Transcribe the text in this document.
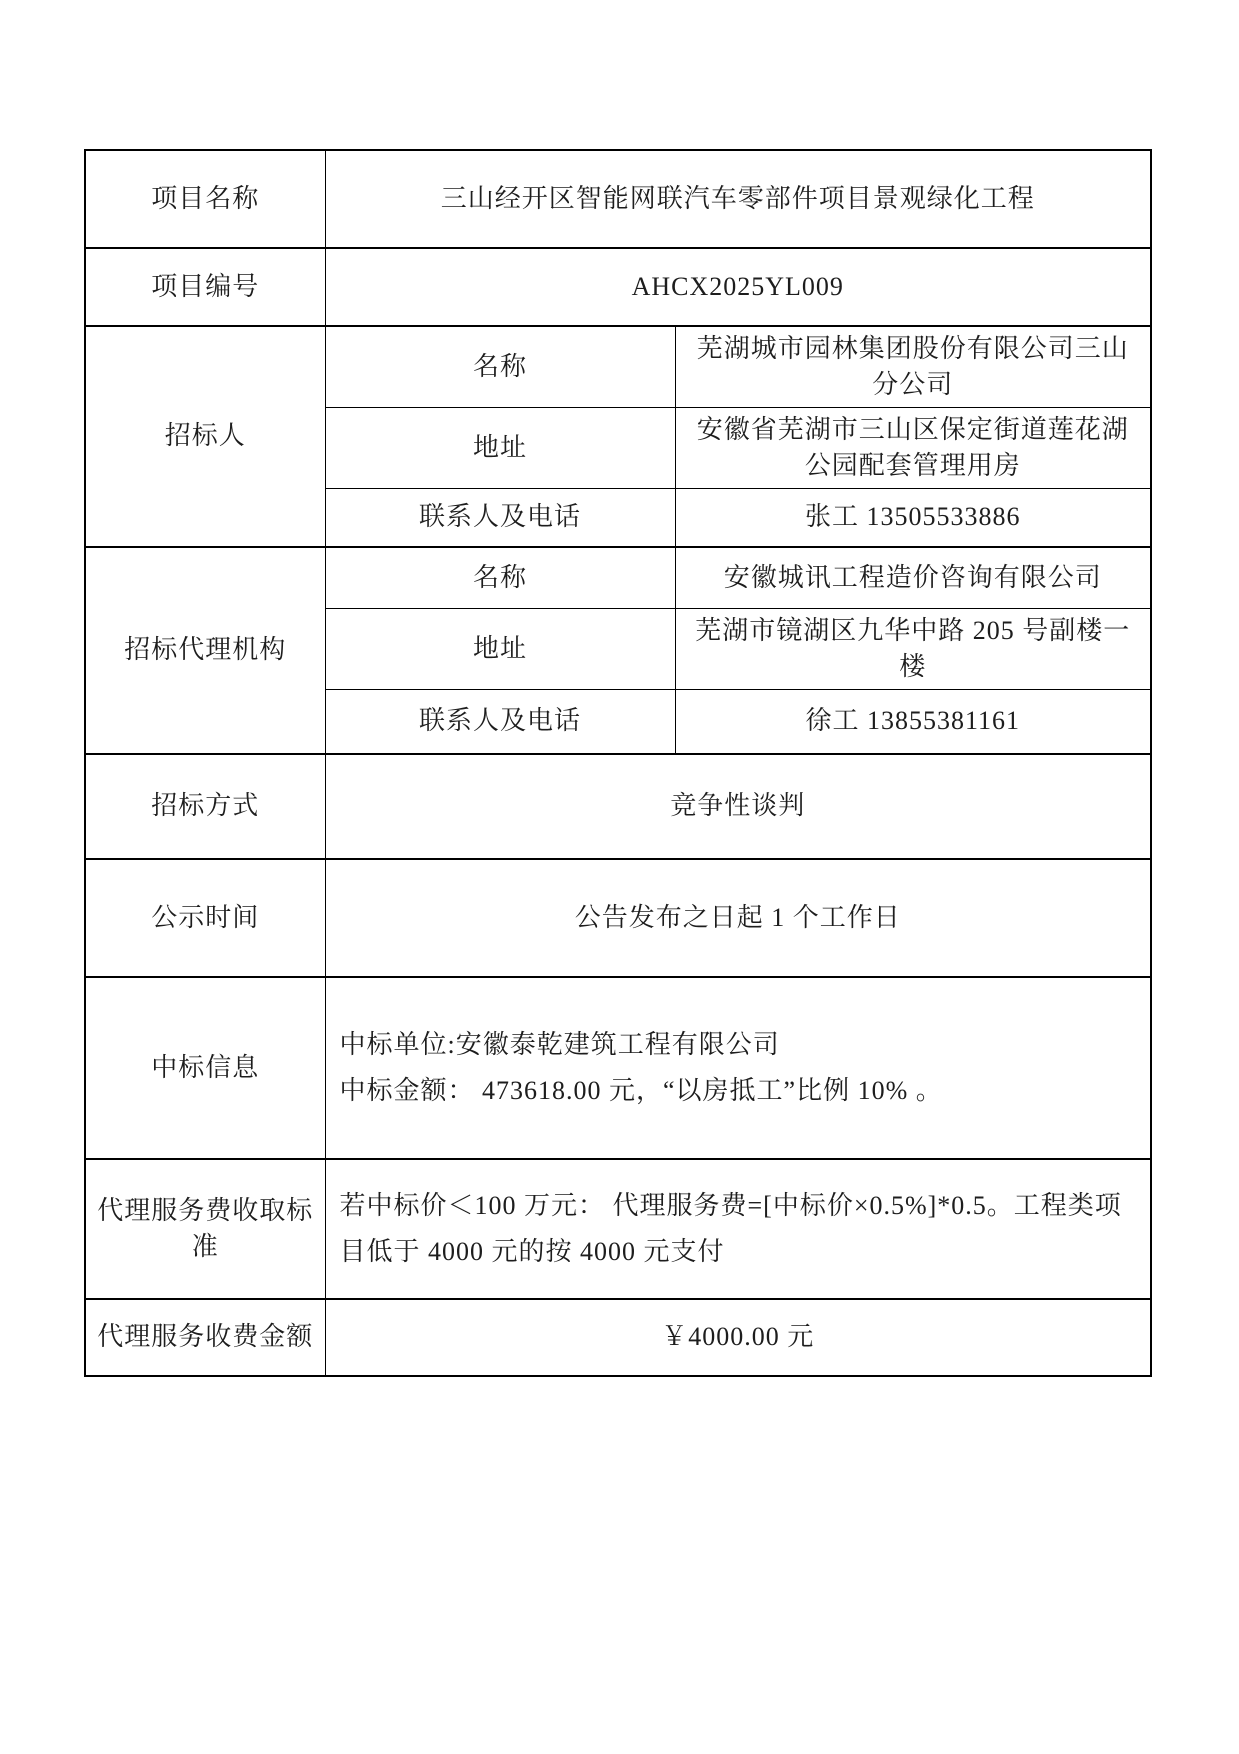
项目名称	三山经开区智能网联汽车零部件项目景观绿化工程	
项目编号	AHCX2025YL009	
招标人	名称	芜湖城市园林集团股份有限公司三山分公司
	地址	安徽省芜湖市三山区保定街道莲花湖公园配套管理用房
	联系人及电话	张工 13505533886
招标代理机构	名称	安徽城讯工程造价咨询有限公司
	地址	芜湖市镜湖区九华中路 205 号副楼一楼
	联系人及电话	徐工 13855381161
招标方式	竞争性谈判	
公示时间	公告发布之日起 1 个工作日	
中标信息	中标单位:安徽泰乾建筑工程有限公司
中标金额： 473618.00 元，“以房抵工”比例 10% 。	

代理服务费收取标准	若中标价＜100 万元： 代理服务费=[中标价×0.5%]*0.5。工程类项目低于 4000 元的按 4000 元支付	
代理服务收费金额	￥4000.00 元	
